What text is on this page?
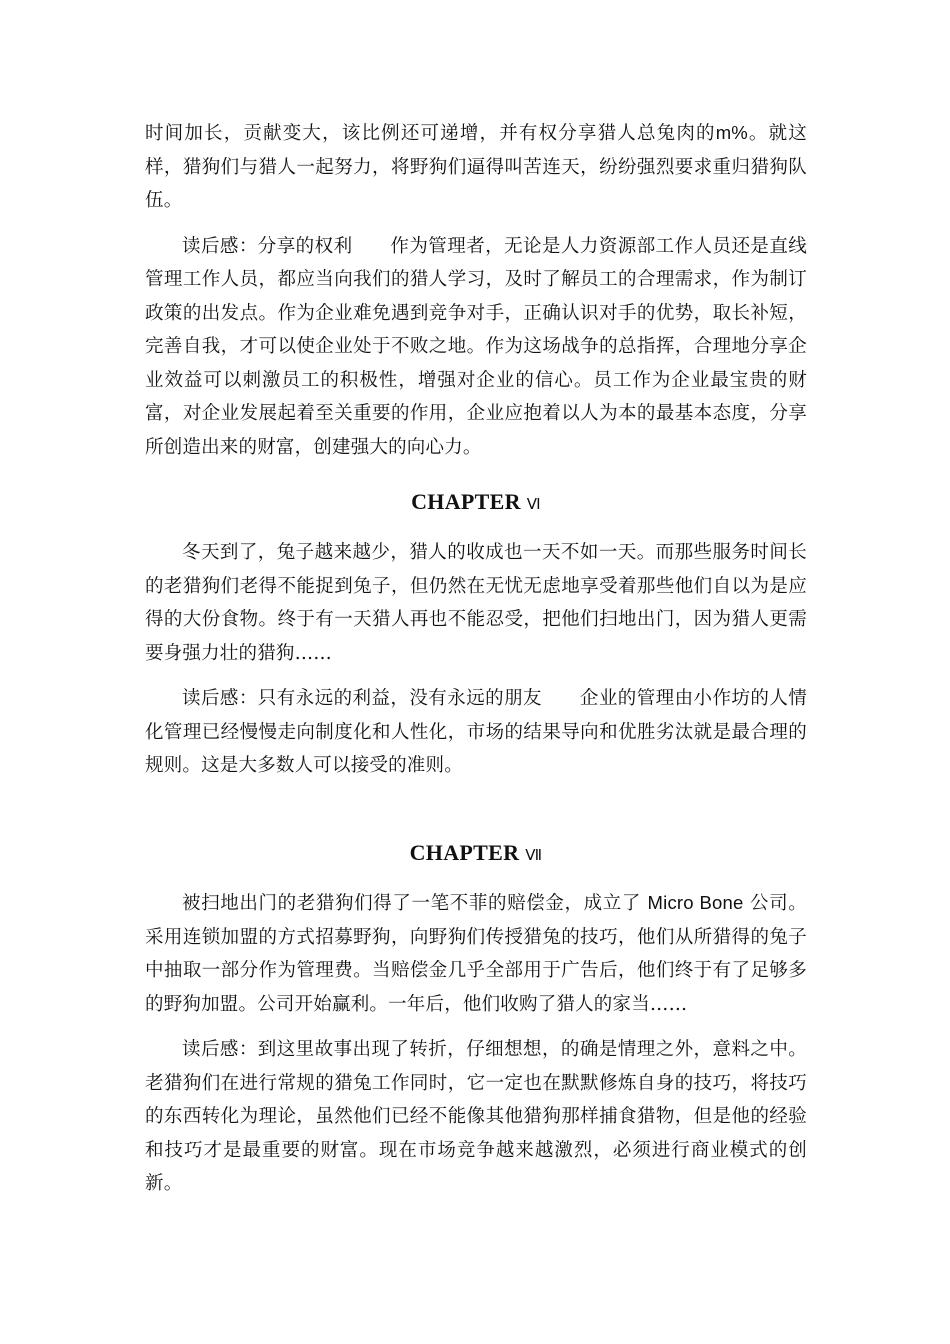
时间加长，贡献变大，该比例还可递增，并有权分享猎人总兔肉的m%。就这样，猎狗们与猎人一起努力，将野狗们逼得叫苦连天，纷纷强烈要求重归猎狗队伍。

读后感：分享的权利　　作为管理者，无论是人力资源部工作人员还是直线管理工作人员，都应当向我们的猎人学习，及时了解员工的合理需求，作为制订政策的出发点。作为企业难免遇到竞争对手，正确认识对手的优势，取长补短，完善自我，才可以使企业处于不败之地。作为这场战争的总指挥，合理地分享企业效益可以刺激员工的积极性，增强对企业的信心。员工作为企业最宝贵的财富，对企业发展起着至关重要的作用，企业应抱着以人为本的最基本态度，分享所创造出来的财富，创建强大的向心力。

CHAPTER Ⅵ

冬天到了，兔子越来越少，猎人的收成也一天不如一天。而那些服务时间长的老猎狗们老得不能捉到兔子，但仍然在无忧无虑地享受着那些他们自以为是应得的大份食物。终于有一天猎人再也不能忍受，把他们扫地出门，因为猎人更需要身强力壮的猎狗……

读后感：只有永远的利益，没有永远的朋友　　企业的管理由小作坊的人情化管理已经慢慢走向制度化和人性化，市场的结果导向和优胜劣汰就是最合理的规则。这是大多数人可以接受的准则。

CHAPTER Ⅶ

被扫地出门的老猎狗们得了一笔不菲的赔偿金，成立了 Micro Bone 公司。采用连锁加盟的方式招募野狗，向野狗们传授猎兔的技巧，他们从所猎得的兔子中抽取一部分作为管理费。当赔偿金几乎全部用于广告后，他们终于有了足够多的野狗加盟。公司开始赢利。一年后，他们收购了猎人的家当……

读后感：到这里故事出现了转折，仔细想想，的确是情理之外，意料之中。老猎狗们在进行常规的猎兔工作同时，它一定也在默默修炼自身的技巧，将技巧的东西转化为理论，虽然他们已经不能像其他猎狗那样捕食猎物，但是他的经验和技巧才是最重要的财富。现在市场竞争越来越激烈，必须进行商业模式的创新。
